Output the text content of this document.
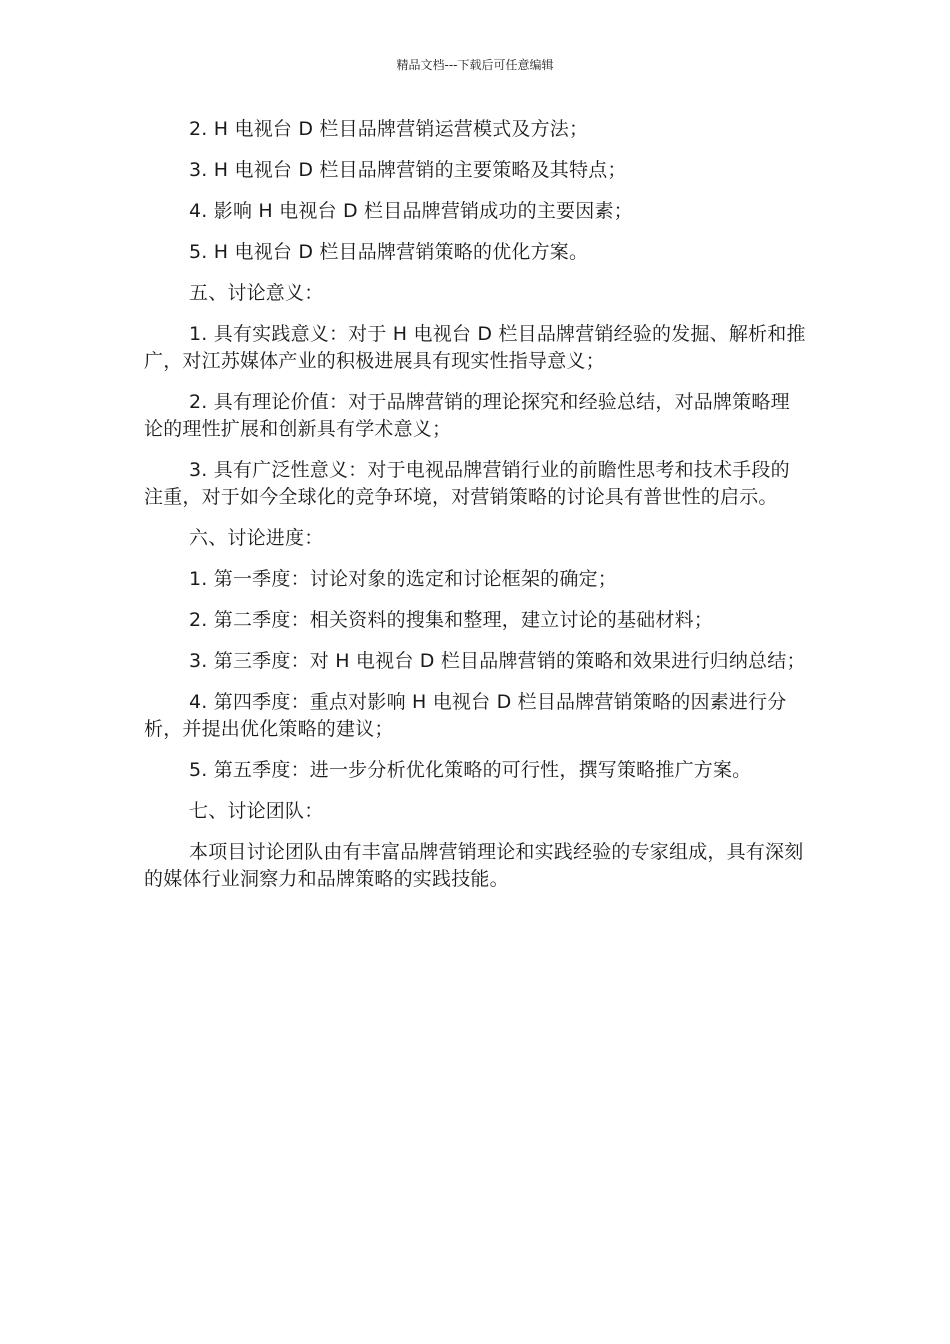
精品文档---下载后可任意编辑

2. H 电视台 D 栏目品牌营销运营模式及方法；

3. H 电视台 D 栏目品牌营销的主要策略及其特点；

4. 影响 H 电视台 D 栏目品牌营销成功的主要因素；

5. H 电视台 D 栏目品牌营销策略的优化方案。

五、讨论意义：

1. 具有实践意义：对于 H 电视台 D 栏目品牌营销经验的发掘、解析和推广，对江苏媒体产业的积极进展具有现实性指导意义；

2. 具有理论价值：对于品牌营销的理论探究和经验总结，对品牌策略理论的理性扩展和创新具有学术意义；

3. 具有广泛性意义：对于电视品牌营销行业的前瞻性思考和技术手段的注重，对于如今全球化的竞争环境，对营销策略的讨论具有普世性的启示。

六、讨论进度：

1. 第一季度：讨论对象的选定和讨论框架的确定；

2. 第二季度：相关资料的搜集和整理，建立讨论的基础材料；

3. 第三季度：对 H 电视台 D 栏目品牌营销的策略和效果进行归纳总结；

4. 第四季度：重点对影响 H 电视台 D 栏目品牌营销策略的因素进行分析，并提出优化策略的建议；

5. 第五季度：进一步分析优化策略的可行性，撰写策略推广方案。

七、讨论团队：

本项目讨论团队由有丰富品牌营销理论和实践经验的专家组成，具有深刻的媒体行业洞察力和品牌策略的实践技能。
